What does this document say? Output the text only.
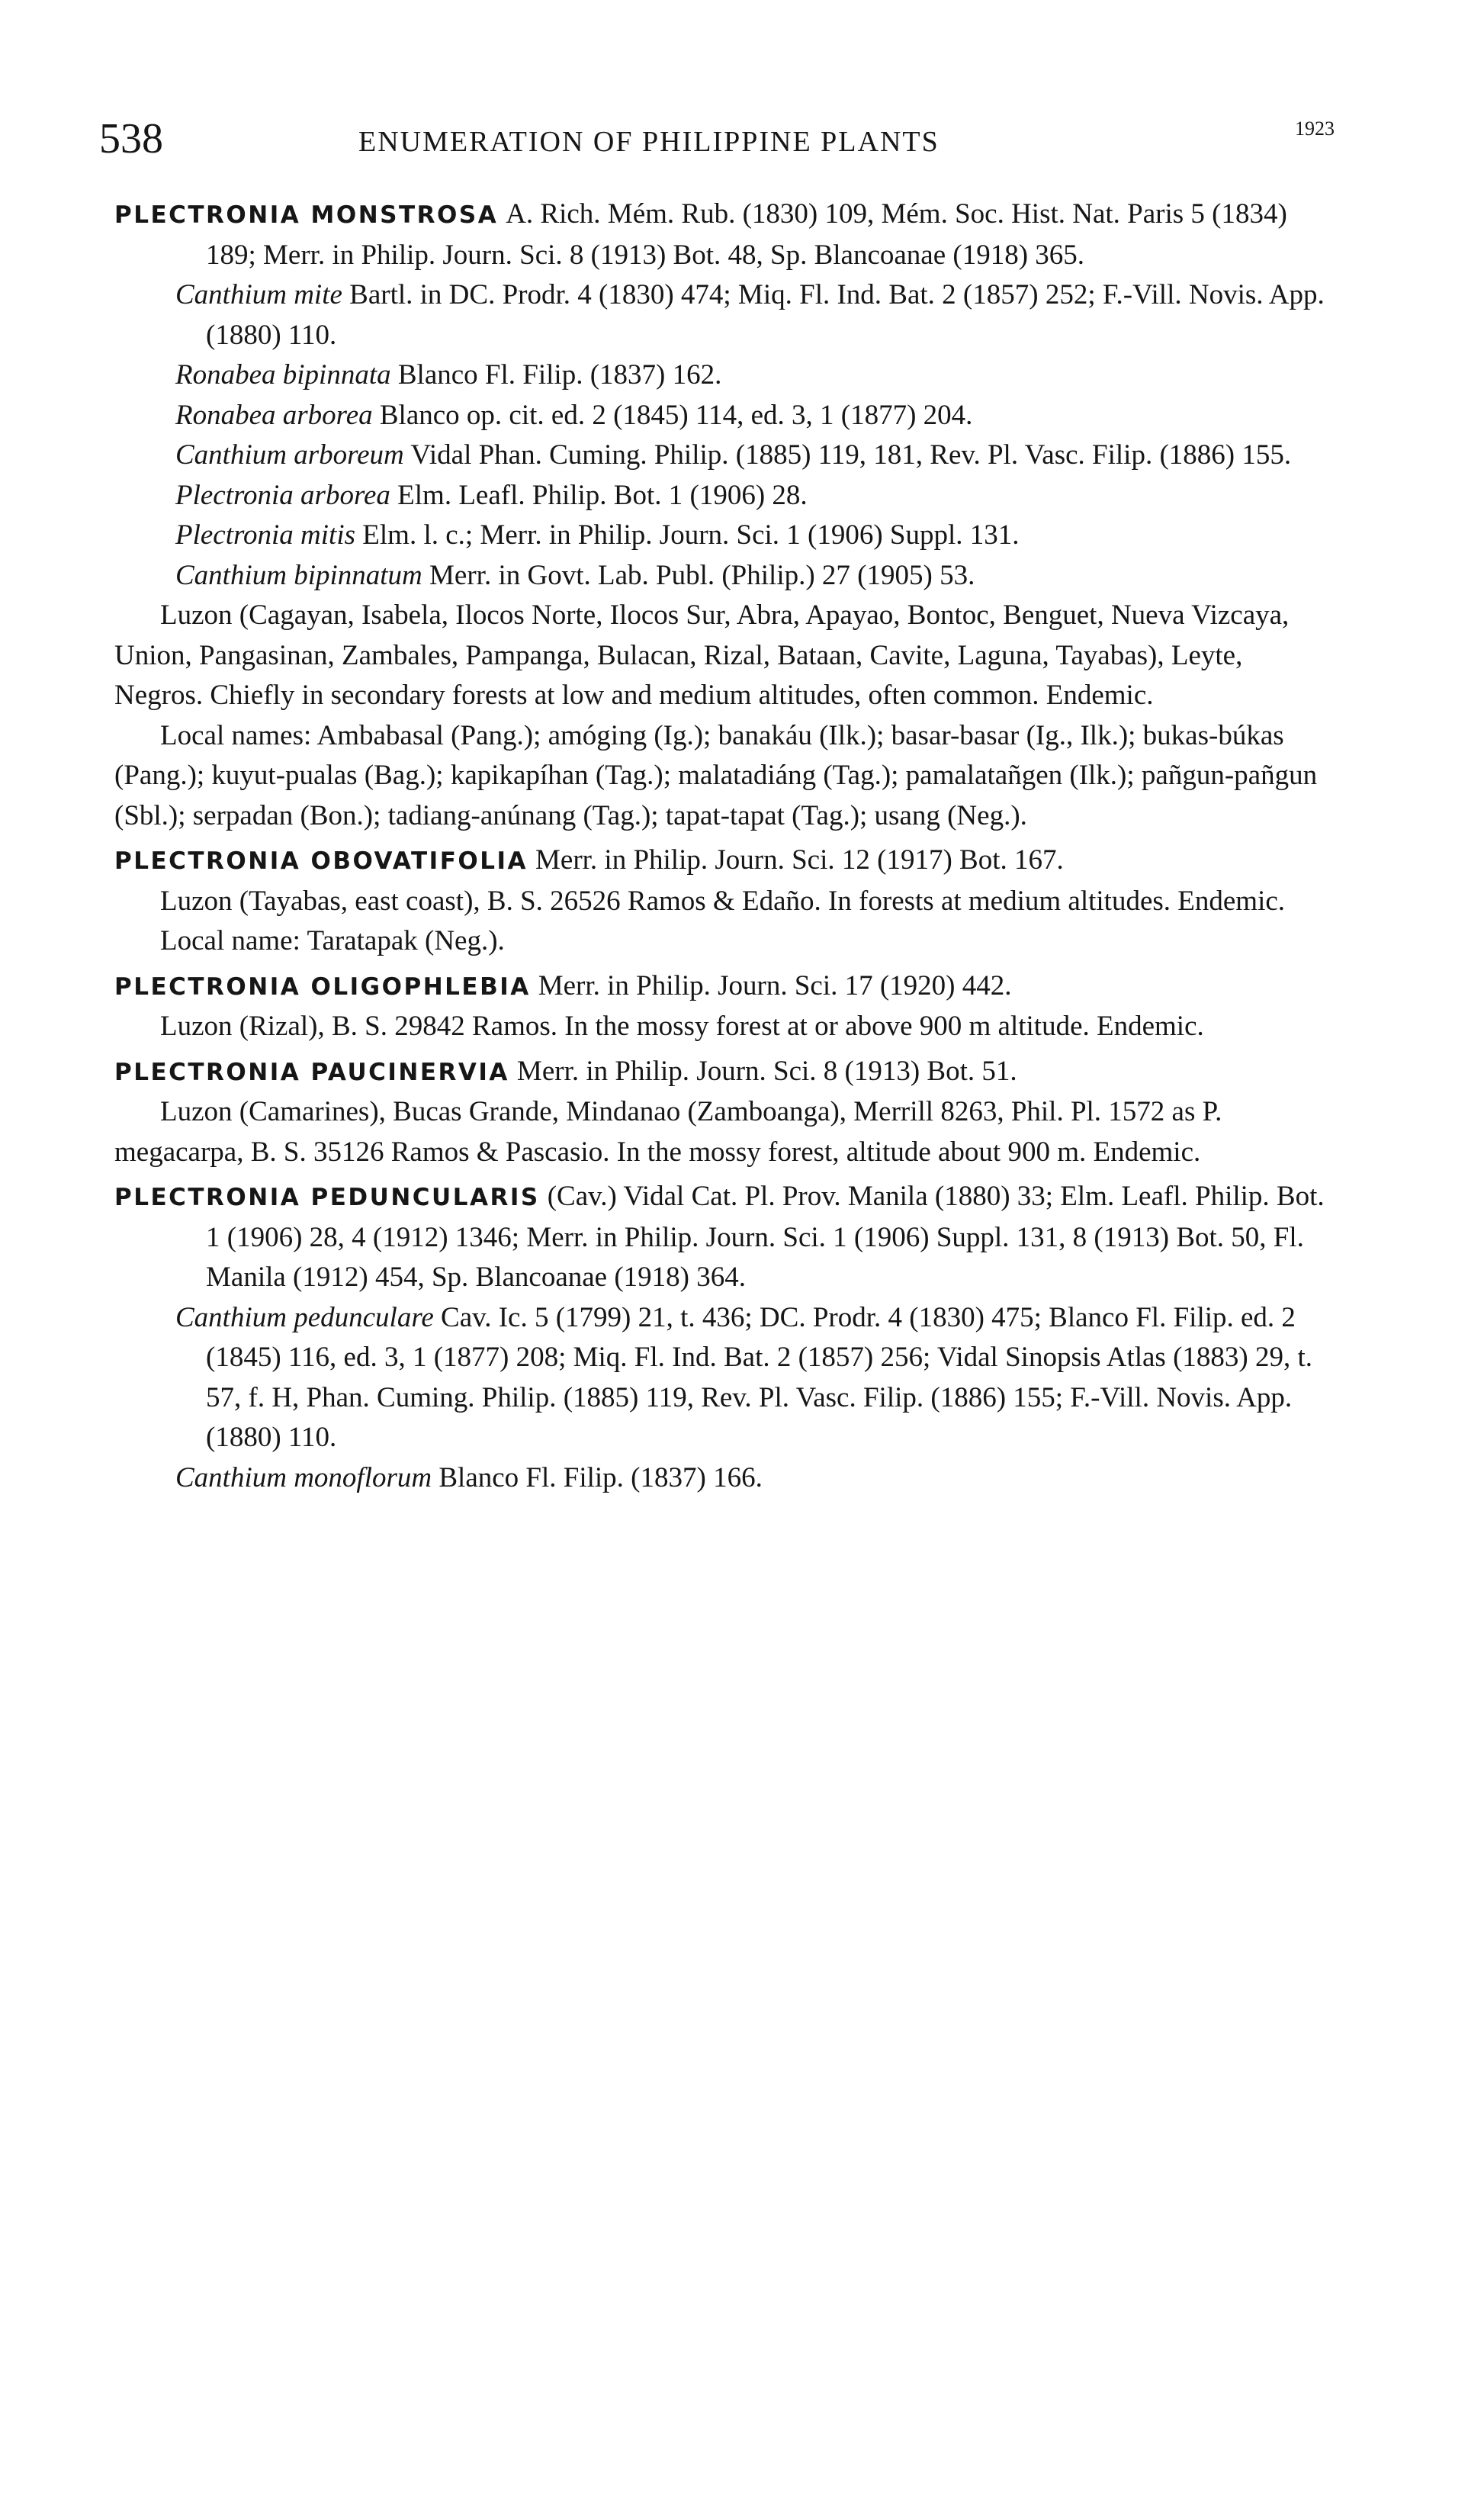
538	ENUMERATION OF PHILIPPINE PLANTS	1923
PLECTRONIA MONSTROSA A. Rich. Mém. Rub. (1830) 109, Mém. Soc. Hist. Nat. Paris 5 (1834) 189; Merr. in Philip. Journ. Sci. 8 (1913) Bot. 48, Sp. Blancoanae (1918) 365.
Canthium mite Bartl. in DC. Prodr. 4 (1830) 474; Miq. Fl. Ind. Bat. 2 (1857) 252; F.-Vill. Novis. App. (1880) 110.
Ronabea bipinnata Blanco Fl. Filip. (1837) 162.
Ronabea arborea Blanco op. cit. ed. 2 (1845) 114, ed. 3, 1 (1877) 204.
Canthium arboreum Vidal Phan. Cuming. Philip. (1885) 119, 181, Rev. Pl. Vasc. Filip. (1886) 155.
Plectronia arborea Elm. Leafl. Philip. Bot. 1 (1906) 28.
Plectronia mitis Elm. l. c.; Merr. in Philip. Journ. Sci. 1 (1906) Suppl. 131.
Canthium bipinnatum Merr. in Govt. Lab. Publ. (Philip.) 27 (1905) 53.
Luzon (Cagayan, Isabela, Ilocos Norte, Ilocos Sur, Abra, Apayao, Bontoc, Benguet, Nueva Vizcaya, Union, Pangasinan, Zambales, Pampanga, Bulacan, Rizal, Bataan, Cavite, Laguna, Tayabas), Leyte, Negros. Chiefly in secondary forests at low and medium altitudes, often common. Endemic.
Local names: Ambabasal (Pang.); amóging (Ig.); banakáu (Ilk.); basar-basar (Ig., Ilk.); bukas-búkas (Pang.); kuyut-pualas (Bag.); kapikapíhan (Tag.); malatadiáng (Tag.); pamalatañgen (Ilk.); pañgun-pañgun (Sbl.); serpadan (Bon.); tadiang-anúnang (Tag.); tapat-tapat (Tag.); usang (Neg.).
PLECTRONIA OBOVATIFOLIA Merr. in Philip. Journ. Sci. 12 (1917) Bot. 167.
Luzon (Tayabas, east coast), B. S. 26526 Ramos & Edaño. In forests at medium altitudes. Endemic.
Local name: Taratapak (Neg.).
PLECTRONIA OLIGOPHLEBIA Merr. in Philip. Journ. Sci. 17 (1920) 442.
Luzon (Rizal), B. S. 29842 Ramos. In the mossy forest at or above 900 m altitude. Endemic.
PLECTRONIA PAUCINERVIA Merr. in Philip. Journ. Sci. 8 (1913) Bot. 51.
Luzon (Camarines), Bucas Grande, Mindanao (Zamboanga), Merrill 8263, Phil. Pl. 1572 as P. megacarpa, B. S. 35126 Ramos & Pascasio. In the mossy forest, altitude about 900 m. Endemic.
PLECTRONIA PEDUNCULARIS (Cav.) Vidal Cat. Pl. Prov. Manila (1880) 33; Elm. Leafl. Philip. Bot. 1 (1906) 28, 4 (1912) 1346; Merr. in Philip. Journ. Sci. 1 (1906) Suppl. 131, 8 (1913) Bot. 50, Fl. Manila (1912) 454, Sp. Blancoanae (1918) 364.
Canthium pedunculare Cav. Ic. 5 (1799) 21, t. 436; DC. Prodr. 4 (1830) 475; Blanco Fl. Filip. ed. 2 (1845) 116, ed. 3, 1 (1877) 208; Miq. Fl. Ind. Bat. 2 (1857) 256; Vidal Sinopsis Atlas (1883) 29, t. 57, f. H, Phan. Cuming. Philip. (1885) 119, Rev. Pl. Vasc. Filip. (1886) 155; F.-Vill. Novis. App. (1880) 110.
Canthium monoflorum Blanco Fl. Filip. (1837) 166.
